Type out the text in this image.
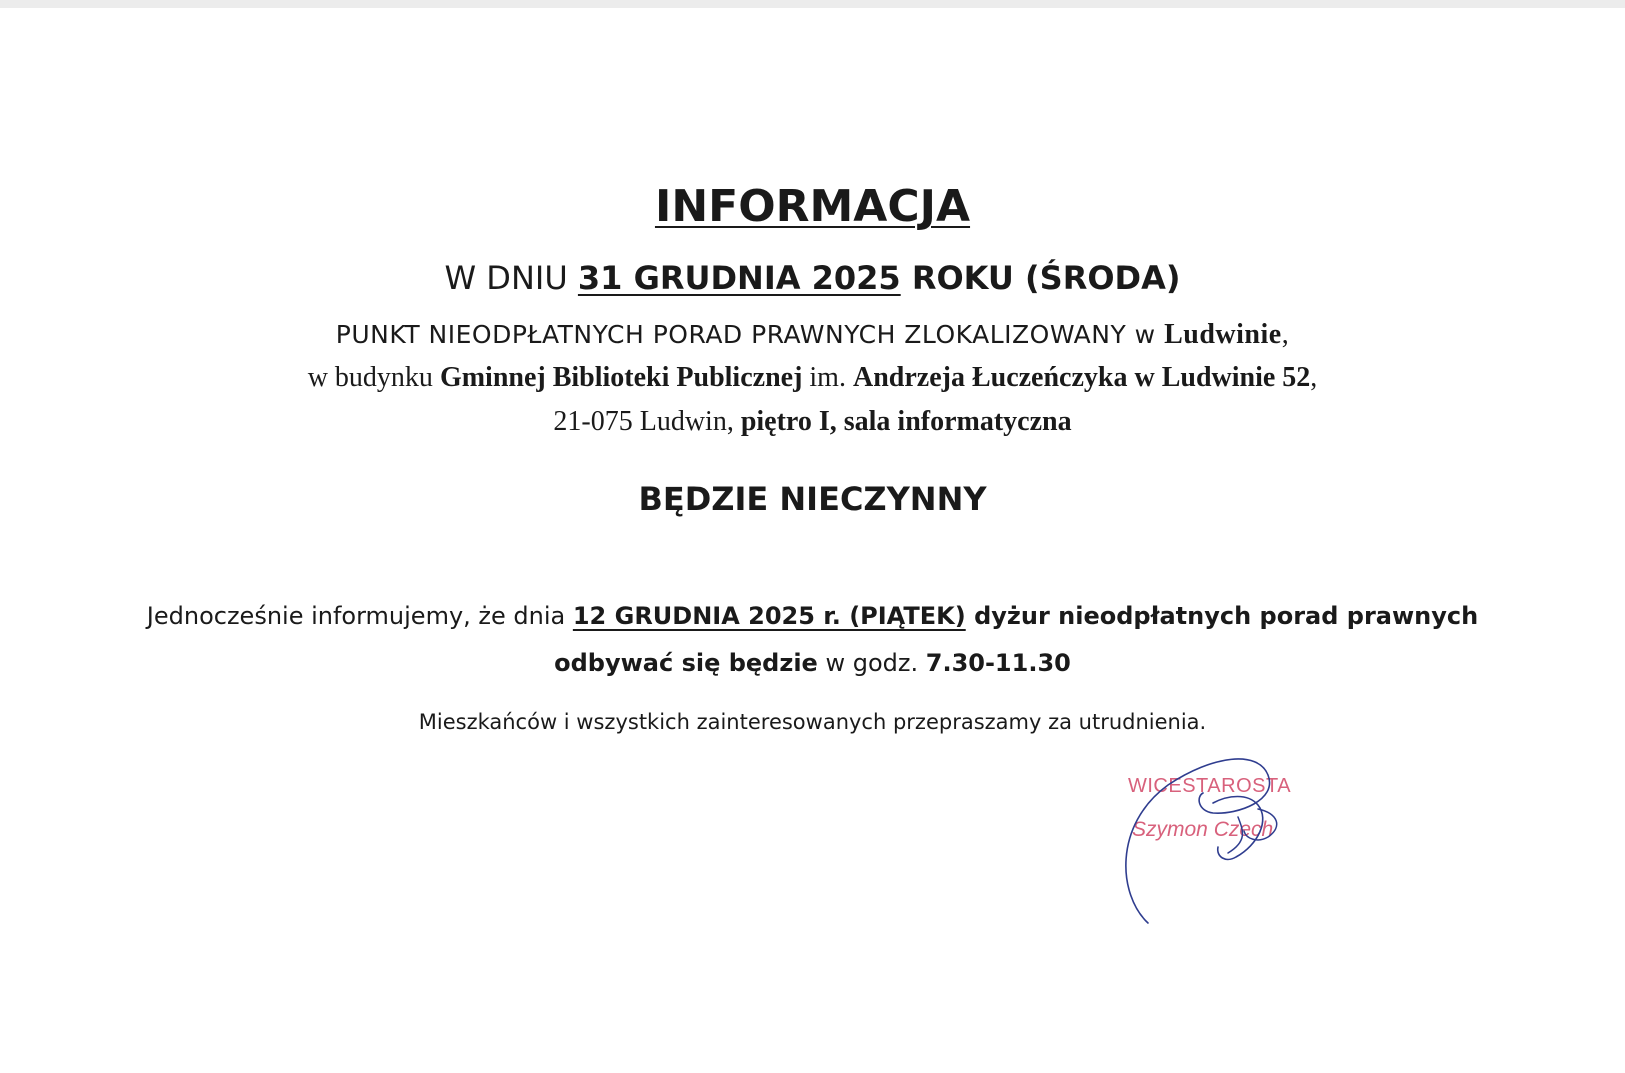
INFORMACJA
W DNIU 31 GRUDNIA 2025 ROKU (ŚRODA)
PUNKT NIEODPŁATNYCH PORAD PRAWNYCH ZLOKALIZOWANY w Ludwinie,
w budynku Gminnej Biblioteki Publicznej im. Andrzeja Łuczeńczyka w Ludwinie 52,
21-075 Ludwin, piętro I, sala informatyczna
BĘDZIE NIECZYNNY
Jednocześnie informujemy, że dnia 12 GRUDNIA 2025 r. (PIĄTEK) dyżur nieodpłatnych porad prawnych
odbywać się będzie w godz. 7.30-11.30
Mieszkańców i wszystkich zainteresowanych przepraszamy za utrudnienia.
WICESTAROSTA
Szymon Czech
